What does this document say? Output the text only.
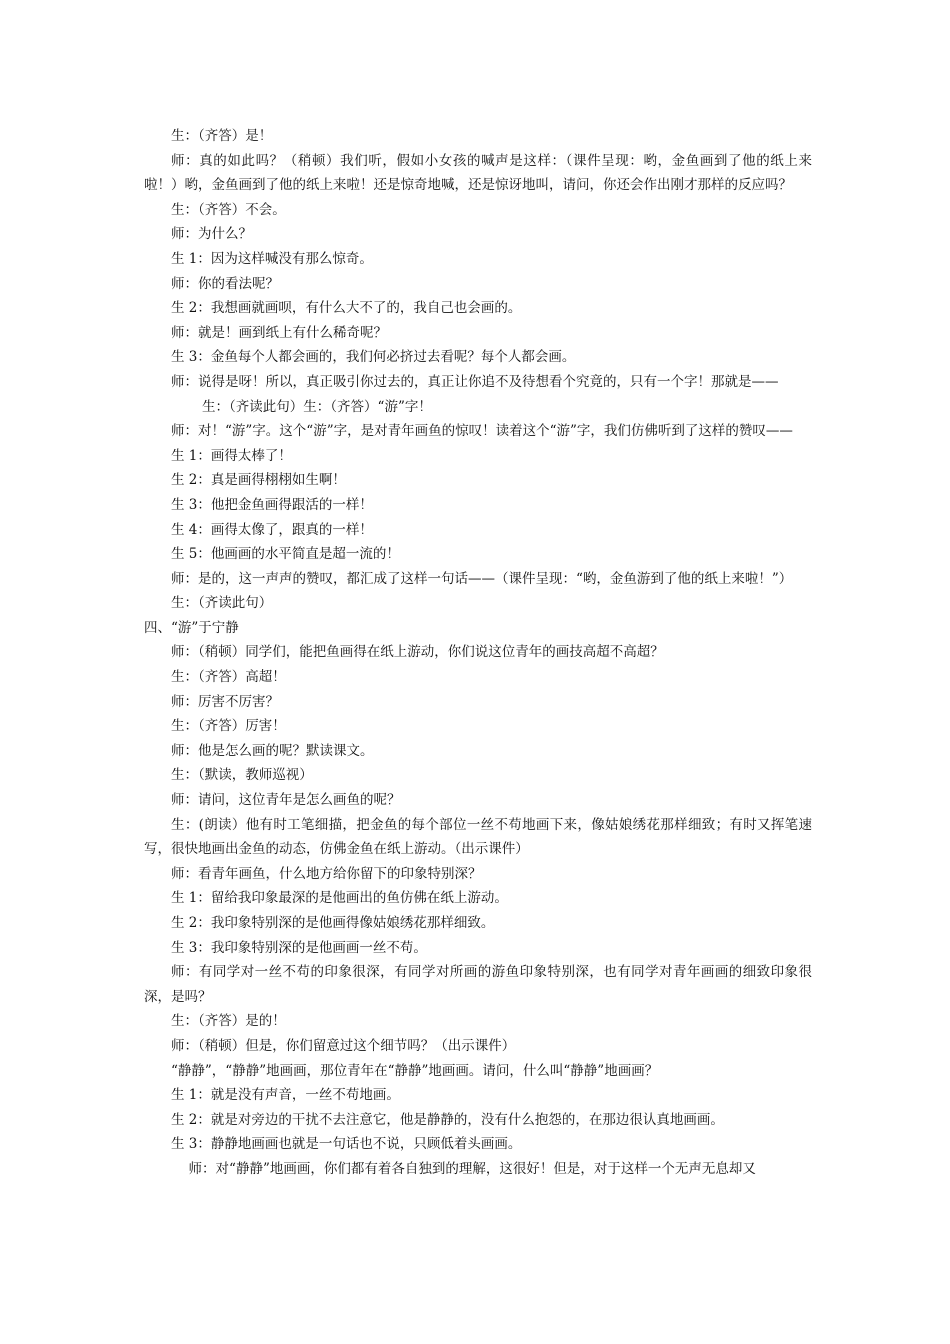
生：（齐答）是！

师：真的如此吗？（稍顿）我们听，假如小女孩的喊声是这样：（课件呈现：哟，金鱼画到了他的纸上来啦！）哟，金鱼画到了他的纸上来啦！还是惊奇地喊，还是惊讶地叫，请问，你还会作出刚才那样的反应吗？

生：（齐答）不会。

师：为什么？

生 1：因为这样喊没有那么惊奇。

师：你的看法呢？

生 2：我想画就画呗，有什么大不了的，我自己也会画的。

师：就是！画到纸上有什么稀奇呢？

生 3：金鱼每个人都会画的，我们何必挤过去看呢？每个人都会画。

师：说得是呀！所以，真正吸引你过去的，真正让你追不及待想看个究竟的，只有一个字！那就是——

生：（齐读此句）生：（齐答）“游”字！

师：对！“游”字。这个“游”字，是对青年画鱼的惊叹！读着这个“游”字，我们仿佛听到了这样的赞叹——

生 1：画得太棒了！

生 2：真是画得栩栩如生啊！

生 3：他把金鱼画得跟活的一样！

生 4：画得太像了，跟真的一样！

生 5：他画画的水平简直是超一流的！

师：是的，这一声声的赞叹，都汇成了这样一句话——（课件呈现：“哟，金鱼游到了他的纸上来啦！”）

生：（齐读此句）

四、“游”于宁静

师：（稍顿）同学们，能把鱼画得在纸上游动，你们说这位青年的画技高超不高超？

生：（齐答）高超！

师：厉害不厉害？

生：（齐答）厉害！

师：他是怎么画的呢？默读课文。

生：（默读，教师巡视）

师：请问，这位青年是怎么画鱼的呢？

生：(朗读）他有时工笔细描，把金鱼的每个部位一丝不苟地画下来，像姑娘绣花那样细致；有时又挥笔速写，很快地画出金鱼的动态，仿佛金鱼在纸上游动。（出示课件）

师：看青年画鱼，什么地方给你留下的印象特别深？

生 1：留给我印象最深的是他画出的鱼仿佛在纸上游动。

生 2：我印象特别深的是他画得像姑娘绣花那样细致。

生 3：我印象特别深的是他画画一丝不苟。

师：有同学对一丝不苟的印象很深，有同学对所画的游鱼印象特别深，也有同学对青年画画的细致印象很深，是吗？

生：（齐答）是的！

师：（稍顿）但是，你们留意过这个细节吗？（出示课件）

“静静”，“静静”地画画，那位青年在“静静”地画画。请问，什么叫“静静”地画画？

生 1：就是没有声音，一丝不苟地画。

生 2：就是对旁边的干扰不去注意它，他是静静的，没有什么抱怨的，在那边很认真地画画。

生 3：静静地画画也就是一句话也不说，只顾低着头画画。

师：对“静静”地画画，你们都有着各自独到的理解，这很好！但是，对于这样一个无声无息却又
